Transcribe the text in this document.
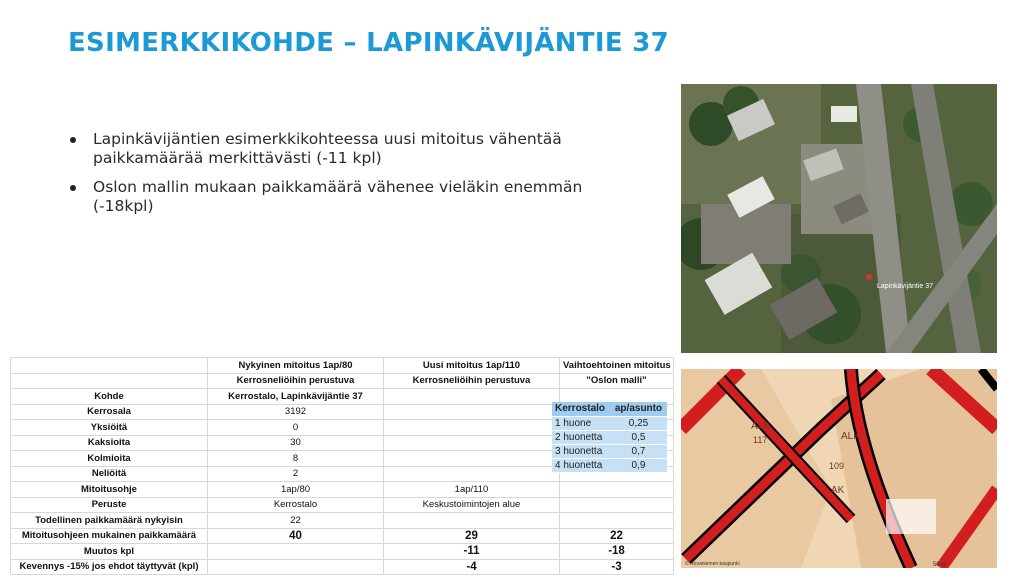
ESIMERKKIKOHDE – LAPINKÄVIJÄNTIE 37
Lapinkävijäntien esimerkkikohteessa uusi mitoitus vähentää paikkamäärää merkittävästi (-11 kpl)
Oslon mallin mukaan paikkamäärä vähenee vieläkin enemmän (-18kpl)
Lapinkävijäntie 37
ALK
117	ALK
109
AK
50 m
© Rovaniemen kaupunki
	Nykyinen mitoitus 1ap/80	Uusi mitoitus 1ap/110	Vaihtoehtoinen mitoitus
	Kerrosneliöihin perustuva	Kerrosneliöihin perustuva	"Oslon malli"
Kohde	Kerrostalo, Lapinkävijäntie 37		
Kerrosala	3192		
Yksiöitä	0		
Kaksioita	30		
Kolmioita	8		
Neliöitä	2		
Mitoitusohje	1ap/80	1ap/110	
Peruste	Kerrostalo	Keskustoimintojen alue	
Todellinen paikkamäärä nykyisin	22		
Mitoitusohjeen mukainen paikkamäärä	40	29	22
Muutos kpl		-11	-18
Kevennys -15% jos ehdot täyttyvät (kpl)		-4	-3
Kerrostalo	ap/asunto
1 huone	0,25
2 huonetta	0,5
3 huonetta	0,7
4 huonetta	0,9
